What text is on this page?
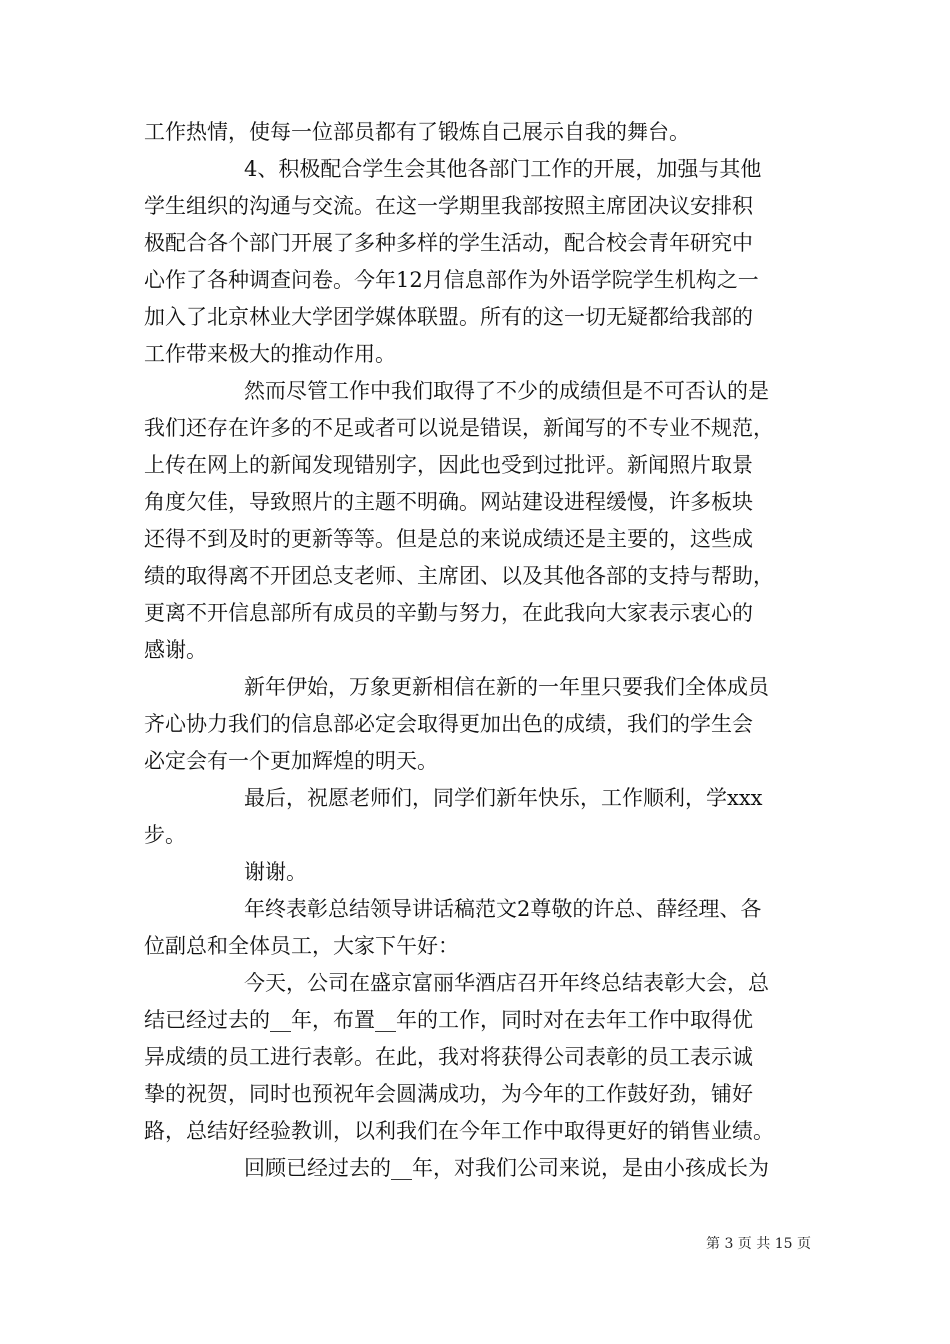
工作热情，使每一位部员都有了锻炼自己展示自我的舞台。
4、积极配合学生会其他各部门工作的开展，加强与其他
学生组织的沟通与交流。在这一学期里我部按照主席团决议安排积
极配合各个部门开展了多种多样的学生活动，配合校会青年研究中
心作了各种调查问卷。今年12月信息部作为外语学院学生机构之一
加入了北京林业大学团学媒体联盟。所有的这一切无疑都给我部的
工作带来极大的推动作用。
然而尽管工作中我们取得了不少的成绩但是不可否认的是
我们还存在许多的不足或者可以说是错误，新闻写的不专业不规范，
上传在网上的新闻发现错别字，因此也受到过批评。新闻照片取景
角度欠佳，导致照片的主题不明确。网站建设进程缓慢，许多板块
还得不到及时的更新等等。但是总的来说成绩还是主要的，这些成
绩的取得离不开团总支老师、主席团、以及其他各部的支持与帮助，
更离不开信息部所有成员的辛勤与努力，在此我向大家表示衷心的
感谢。
新年伊始，万象更新相信在新的一年里只要我们全体成员
齐心协力我们的信息部必定会取得更加出色的成绩，我们的学生会
必定会有一个更加辉煌的明天。
最后，祝愿老师们，同学们新年快乐，工作顺利，学xxx
步。
谢谢。
年终表彰总结领导讲话稿范文2尊敬的许总、薛经理、各
位副总和全体员工，大家下午好：
今天，公司在盛京富丽华酒店召开年终总结表彰大会，总
结已经过去的__年，布置__年的工作，同时对在去年工作中取得优
异成绩的员工进行表彰。在此，我对将获得公司表彰的员工表示诚
挚的祝贺，同时也预祝年会圆满成功，为今年的工作鼓好劲，铺好
路，总结好经验教训，以利我们在今年工作中取得更好的销售业绩。
回顾已经过去的__年，对我们公司来说，是由小孩成长为
第 3 页 共 15 页
